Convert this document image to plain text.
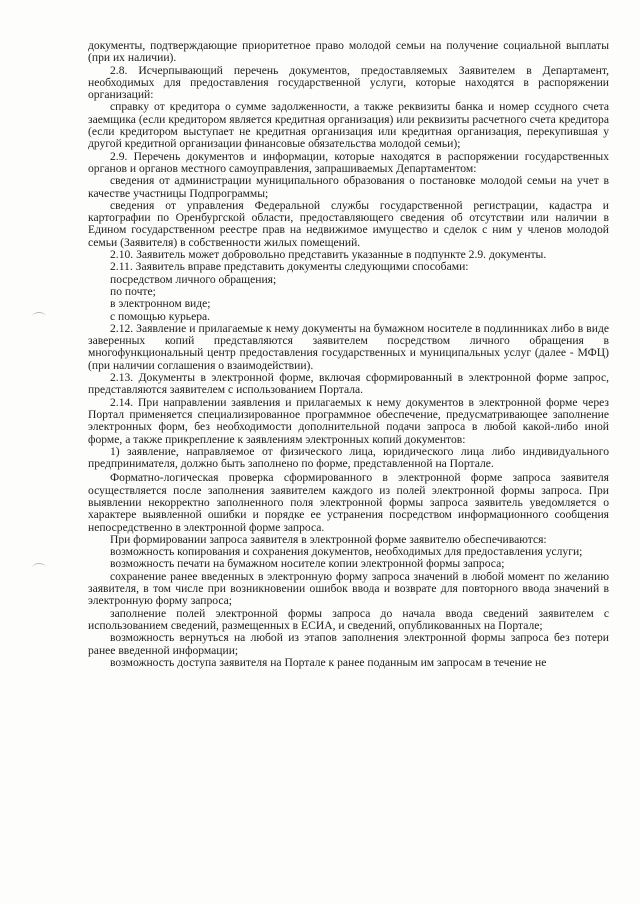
документы, подтверждающие приоритетное право молодой семьи на получение социальной выплаты (при их наличии).

2.8. Исчерпывающий перечень документов, предоставляемых Заявителем в Департамент, необходимых для предоставления государственной услуги, которые находятся в распоряжении организаций:

справку от кредитора о сумме задолженности, а также реквизиты банка и номер ссудного счета заемщика (если кредитором является кредитная организация) или реквизиты расчетного счета кредитора (если кредитором выступает не кредитная организация или кредитная организация, перекупившая у другой кредитной организации финансовые обязательства молодой семьи);

2.9. Перечень документов и информации, которые находятся в распоряжении государственных органов и органов местного самоуправления, запрашиваемых Департаментом:

сведения от администрации муниципального образования о постановке молодой семьи на учет в качестве участницы Подпрограммы;

сведения от управления Федеральной службы государственной регистрации, кадастра и картографии по Оренбургской области, предоставляющего сведения об отсутствии или наличии в Едином государственном реестре прав на недвижимое имущество и сделок с ним у членов молодой семьи (Заявителя) в собственности жилых помещений.

2.10. Заявитель может добровольно представить указанные в подпункте 2.9. документы.

2.11. Заявитель вправе представить документы следующими способами:

посредством личного обращения;

по почте;

в электронном виде;

с помощью курьера.

2.12. Заявление и прилагаемые к нему документы на бумажном носителе в подлинниках либо в виде заверенных копий представляются заявителем посредством личного обращения в многофункциональный центр предоставления государственных и муниципальных услуг (далее - МФЦ) (при наличии соглашения о взаимодействии).

2.13. Документы в электронной форме, включая сформированный в электронной форме запрос, представляются заявителем с использованием Портала.

2.14. При направлении заявления и прилагаемых к нему документов в электронной форме через Портал применяется специализированное программное обеспечение, предусматривающее заполнение электронных форм, без необходимости дополнительной подачи запроса в любой какой-либо иной форме, а также прикрепление к заявлениям электронных копий документов:

1) заявление, направляемое от физического лица, юридического лица либо индивидуального предпринимателя, должно быть заполнено по форме, представленной на Портале.

Форматно-логическая проверка сформированного в электронной форме запроса заявителя осуществляется после заполнения заявителем каждого из полей электронной формы запроса. При выявлении некорректно заполненного поля электронной формы запроса заявитель уведомляется о характере выявленной ошибки и порядке ее устранения посредством информационного сообщения непосредственно в электронной форме запроса.

При формировании запроса заявителя в электронной форме заявителю обеспечиваются:

возможность копирования и сохранения документов, необходимых для предоставления услуги;

возможность печати на бумажном носителе копии электронной формы запроса;

сохранение ранее введенных в электронную форму запроса значений в любой момент по желанию заявителя, в том числе при возникновении ошибок ввода и возврате для повторного ввода значений в электронную форму запроса;

заполнение полей электронной формы запроса до начала ввода сведений заявителем с использованием сведений, размещенных в ЕСИА, и сведений, опубликованных на Портале;

возможность вернуться на любой из этапов заполнения электронной формы запроса без потери ранее введенной информации;

возможность доступа заявителя на Портале к ранее поданным им запросам в течение не
